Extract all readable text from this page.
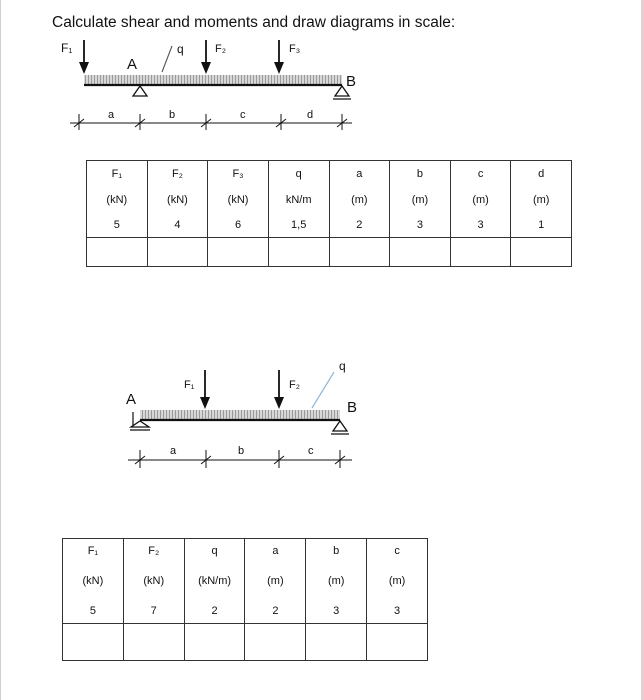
Calculate shear and moments and draw diagrams in scale:
F₁
A
q	F₂	F₃
B
a	b	c	d
F₁	F₂	F₃	q	a	b	c	d
(kN)	(kN)	(kN)	kN/m	(m)	(m)	(m)	(m)
5	4	6	1,5	2	3	3	1

A
F₁	F₂
q
B
a	b	c
F₁	F₂	q	a	b	c
(kN)	(kN)	(kN/m)	(m)	(m)	(m)
5	7	2	2	3	3
